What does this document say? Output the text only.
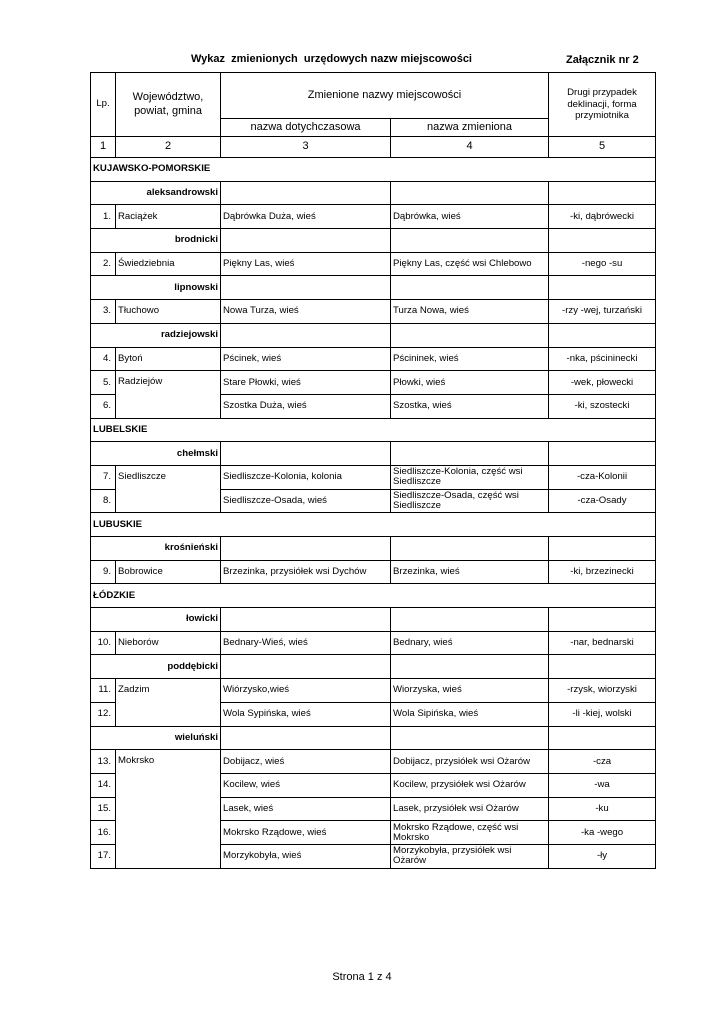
Wykaz  zmienionych  urzędowych nazw miejscowości	Załącznik nr 2
Lp.	Województwo, powiat, gmina	Zmienione nazwy miejscowości		Drugi przypadek deklinacji, forma przymiotnika
		nazwa dotychczasowa	nazwa zmieniona	
1	2	3	4	5
KUJAWSKO-POMORSKIE				
aleksandrowski				
1.	Raciążek	Dąbrówka Duża, wieś	Dąbrówka, wieś	-ki, dąbrówecki
brodnicki				
2.	Świedziebnia	Piękny Las, wieś	Piękny Las, część wsi Chlebowo	-nego -su
lipnowski				
3.	Tłuchowo	Nowa Turza, wieś	Turza Nowa, wieś	-rzy -wej, turzański
radziejowski				
4.	Bytoń	Pścinek, wieś	Pścininek, wieś	-nka, pścininecki
5.	Radziejów	Stare Płowki, wieś	Płowki, wieś	-wek, płowecki
6.		Szostka Duża, wieś	Szostka, wieś	-ki, szostecki
LUBELSKIE				
chełmski				
7.	Siedliszcze	Siedliszcze-Kolonia, kolonia	Siedliszcze-Kolonia, część wsi Siedliszcze	-cza-Kolonii
8.		Siedliszcze-Osada, wieś	Siedliszcze-Osada, część wsi Siedliszcze	-cza-Osady
LUBUSKIE				
krośnieński				
9.	Bobrowice	Brzezinka, przysiółek wsi Dychów	Brzezinka, wieś	-ki, brzezinecki
ŁÓDZKIE				
łowicki				
10.	Nieborów	Bednary-Wieś, wieś	Bednary, wieś	-nar, bednarski
poddębicki				
11.	Zadzim	Wiórzysko,wieś	Wiorzyska, wieś	-rzysk, wiorzyski
12.		Wola Sypińska, wieś	Wola Sipińska, wieś	-li -kiej, wolski
wieluński				
13.	Mokrsko	Dobijacz, wieś	Dobijacz, przysiółek wsi Ożarów	-cza
14.		Kocilew, wieś	Kocilew, przysiółek wsi Ożarów	-wa
15.		Lasek, wieś	Lasek, przysiółek wsi Ożarów	-ku
16.		Mokrsko Rządowe, wieś	Mokrsko Rządowe, część wsi Mokrsko	-ka -wego
17.		Morzykobyła, wieś	Morzykobyła, przysiółek wsi Ożarów	-ły
Strona 1 z 4
